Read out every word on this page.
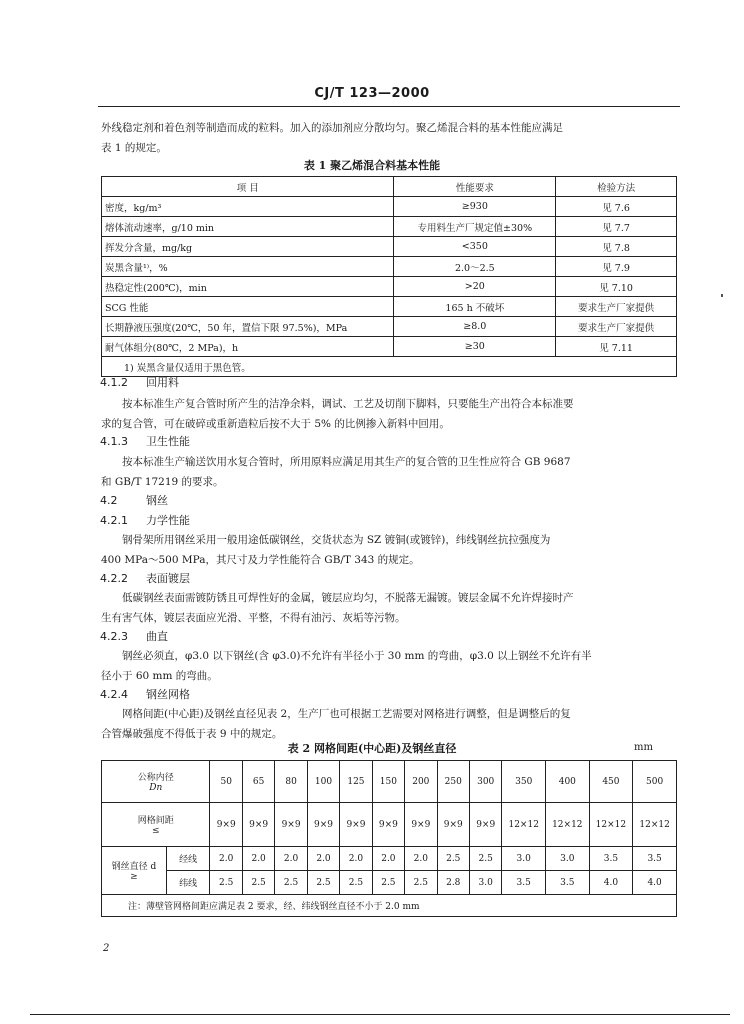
CJ/T 123—2000
外线稳定剂和着色剂等制造而成的粒料。加入的添加剂应分散均匀。聚乙烯混合料的基本性能应满足
表 1 的规定。
表 1 聚乙烯混合料基本性能
项 目	性能要求	检验方法
密度，kg/m³	≥930	见 7.6
熔体流动速率，g/10 min	专用料生产厂规定值±30%	见 7.7
挥发分含量，mg/kg	<350	见 7.8
炭黑含量¹⁾，%	2.0～2.5	见 7.9
热稳定性(200℃)，min	>20	见 7.10
SCG 性能	165 h 不破坏	要求生产厂家提供
长期静液压强度(20℃，50 年，置信下限 97.5%)，MPa	≥8.0	要求生产厂家提供
耐气体组分(80℃，2 MPa)，h	≥30	见 7.11
1) 炭黑含量仅适用于黑色管。		
4.1.2 回用料
按本标准生产复合管时所产生的洁净余料，调试、工艺及切削下脚料，只要能生产出符合本标准要
求的复合管，可在破碎或重新造粒后按不大于 5% 的比例掺入新料中回用。
4.1.3 卫生性能
按本标准生产输送饮用水复合管时，所用原料应满足用其生产的复合管的卫生性应符合 GB 9687
和 GB/T 17219 的要求。
4.2	钢丝
4.2.1 力学性能
钢骨架所用钢丝采用一般用途低碳钢丝，交货状态为 SZ 镀铜(或镀锌)，纬线钢丝抗拉强度为
400 MPa～500 MPa，其尺寸及力学性能符合 GB/T 343 的规定。
4.2.2 表面镀层
低碳钢丝表面需镀防锈且可焊性好的金属，镀层应均匀，不脱落无漏镀。镀层金属不允许焊接时产
生有害气体，镀层表面应光滑、平整，不得有油污、灰垢等污物。
4.2.3 曲直
钢丝必须直，φ3.0 以下钢丝(含 φ3.0)不允许有半径小于 30 mm 的弯曲，φ3.0 以上钢丝不允许有半
径小于 60 mm 的弯曲。
4.2.4 钢丝网格
网格间距(中心距)及钢丝直径见表 2，生产厂也可根据工艺需要对网格进行调整，但是调整后的复
合管爆破强度不得低于表 9 中的规定。
表 2 网格间距(中心距)及钢丝直径	mm
公称内径
Dn		50	65	80	100	125	150	200	250	300	350	400	450	500

网格间距
≤		9×9	9×9	9×9	9×9	9×9	9×9	9×9	9×9	9×9	12×12	12×12	12×12	12×12

钢丝直径 d
≥	经线	2.0	2.0	2.0	2.0	2.0	2.0	2.0	2.5	2.5	3.0	3.0	3.5	3.5
	纬线	2.5	2.5	2.5	2.5	2.5	2.5	2.5	2.8	3.0	3.5	3.5	4.0	4.0
注：薄壁管网格间距应满足表 2 要求，经、纬线钢丝直径不小于 2.0 mm														
2
